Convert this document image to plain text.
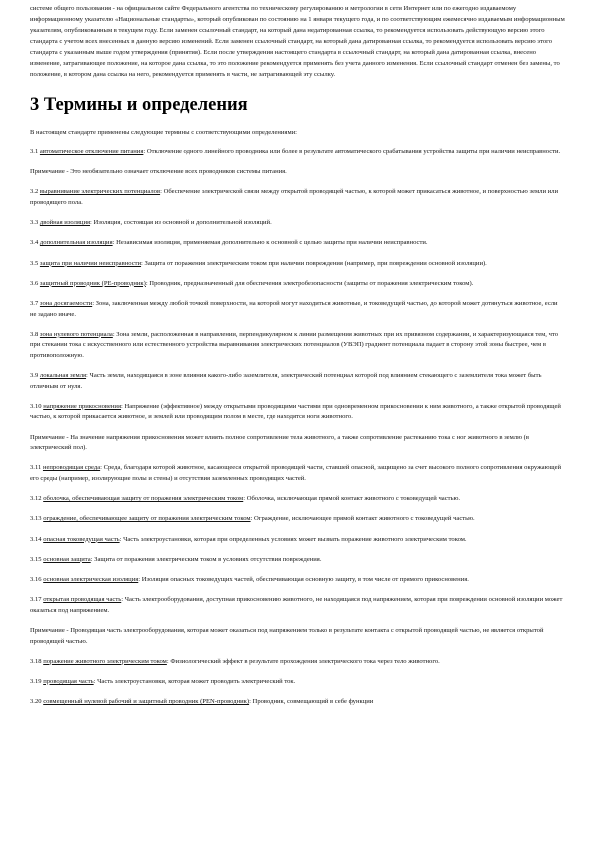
системе общего пользования - на официальном сайте Федерального агентства по техническому регулированию и метрологии в сети Интернет или по ежегодно издаваемому информационному указателю «Национальные стандарты», который опубликован по состоянию на 1 января текущего года, и по соответствующим ежемесячно издаваемым информационным указателям, опубликованным в текущем году. Если заменен ссылочный стандарт, на который дана недатированная ссылка, то рекомендуется использовать действующую версию этого стандарта с учетом всех внесенных в данную версию изменений. Если заменен ссылочный стандарт, на который дана датированная ссылка, то рекомендуется использовать версию этого стандарта с указанным выше годом утверждения (принятия). Если после утверждения настоящего стандарта в ссылочный стандарт, на который дана датированная ссылка, внесено изменение, затрагивающее положение, на которое дана ссылка, то это положение рекомендуется применять без учета данного изменения. Если ссылочный стандарт отменен без замены, то положение, в котором дана ссылка на него, рекомендуется применять в части, не затрагивающей эту ссылку.

3 Термины и определения

В настоящем стандарте применены следующие термины с соответствующими определениями:

3.1 автоматическое отключение питания: Отключение одного линейного проводника или более в результате автоматического срабатывания устройства защиты при наличии неисправности.

Примечание - Это необязательно означает отключение всех проводников системы питания.

3.2 выравнивание электрических потенциалов: Обеспечение электрической связи между открытой проводящей частью, к которой может прикасаться животное, и поверхностью земли или проводящего пола.

3.3 двойная изоляция: Изоляция, состоящая из основной и дополнительной изоляций.

3.4 дополнительная изоляция: Независимая изоляция, применяемая дополнительно к основной с целью защиты при наличии неисправности.

3.5 защита при наличии неисправности: Защита от поражения электрическим током при наличии повреждения (например, при повреждении основной изоляции).

3.6 защитный проводник (PE-проводник): Проводник, предназначенный для обеспечения электробезопасности (защиты от поражения электрическим током).

3.7 зона досягаемости: Зона, заключенная между любой точкой поверхности, на которой могут находиться животные, и токоведущей частью, до которой может дотянуться животное, если не задано иначе.

3.8 зона нулевого потенциала: Зона земли, расположенная в направлении, перпендикулярном к линии размещения животных при их привязном содержании, и характеризующаяся тем, что при стекании тока с искусственного или естественного устройства выравнивания электрических потенциалов (УВЭП) градиент потенциала падает в сторону этой зоны быстрее, чем в противоположную.

3.9 локальная земля: Часть земли, находящаяся в зоне влияния какого-либо заземлителя, электрический потенциал которой под влиянием стекающего с заземлителя тока может быть отличным от нуля.

3.10 напряжение прикосновения: Напряжение (эффективное) между открытыми проводящими частями при одновременном прикосновении к ним животного, а также открытой проводящей частью, к которой прикасается животное, и землей или проводящим полом в месте, где находятся ноги животного.

Примечание - На значение напряжения прикосновения может влиять полное сопротивление тела животного, а также сопротивление растеканию тока с ног животного в землю (в электрический пол).

3.11 непроводящая среда: Среда, благодаря которой животное, касающееся открытой проводящей части, ставшей опасной, защищено за счет высокого полного сопротивления окружающей его среды (например, изолирующие полы и стены) и отсутствия заземленных проводящих частей.

3.12 оболочка, обеспечивающая защиту от поражения электрическим током: Оболочка, исключающая прямой контакт животного с токоведущей частью.

3.13 ограждение, обеспечивающее защиту от поражения электрическим током: Ограждение, исключающее прямой контакт животного с токоведущей частью.

3.14 опасная токоведущая часть: Часть электроустановки, которая при определенных условиях может вызвать поражение животного электрическим током.

3.15 основная защита: Защита от поражения электрическим током в условиях отсутствия повреждения.

3.16 основная электрическая изоляция: Изоляция опасных токоведущих частей, обеспечивающая основную защиту, в том числе от прямого прикосновения.

3.17 открытая проводящая часть: Часть электрооборудования, доступная прикосновению животного, не находящаяся под напряжением, которая при повреждении основной изоляции может оказаться под напряжением.

Примечание - Проводящая часть электрооборудования, которая может оказаться под напряжением только в результате контакта с открытой проводящей частью, не является открытой проводящей частью.

3.18 поражение животного электрическим током: Физиологический эффект в результате прохождения электрического тока через тело животного.

3.19 проводящая часть: Часть электроустановки, которая может проводить электрический ток.

3.20 совмещенный нулевой рабочий и защитный проводник (PEN-проводник): Проводник, совмещающий в себе функции
